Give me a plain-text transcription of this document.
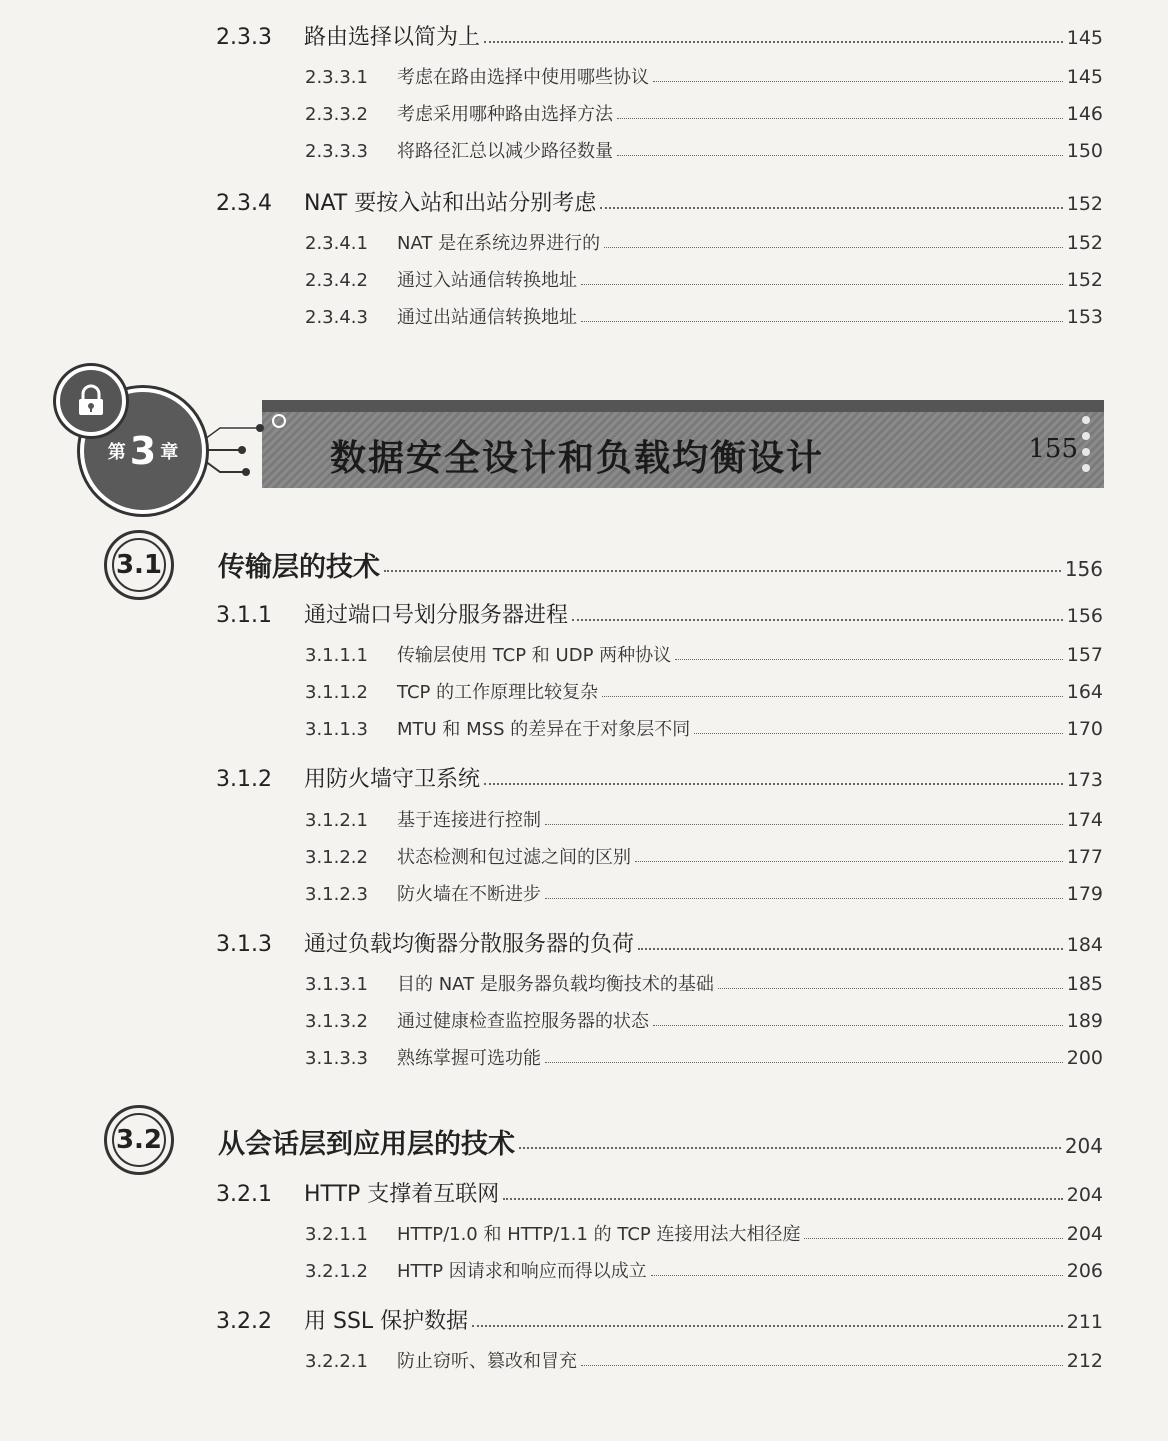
2.3.3	路由选择以简为上	145
2.3.3.1	考虑在路由选择中使用哪些协议	145
2.3.3.2	考虑采用哪种路由选择方法	146
2.3.3.3	将路径汇总以减少路径数量	150
2.3.4	NAT 要按入站和出站分别考虑	152
2.3.4.1	NAT 是在系统边界进行的	152
2.3.4.2	通过入站通信转换地址	152
2.3.4.3	通过出站通信转换地址	153
数据安全设计和负载均衡设计	155
第 3 章
3.1 传输层的技术	156
3.1.1	通过端口号划分服务器进程	156
3.1.1.1	传输层使用 TCP 和 UDP 两种协议	157
3.1.1.2	TCP 的工作原理比较复杂	164
3.1.1.3	MTU 和 MSS 的差异在于对象层不同	170
3.1.2	用防火墙守卫系统	173
3.1.2.1	基于连接进行控制	174
3.1.2.2	状态检测和包过滤之间的区别	177
3.1.2.3	防火墙在不断进步	179
3.1.3	通过负载均衡器分散服务器的负荷	184
3.1.3.1	目的 NAT 是服务器负载均衡技术的基础	185
3.1.3.2	通过健康检查监控服务器的状态	189
3.1.3.3	熟练掌握可选功能	200
3.2 从会话层到应用层的技术	204
3.2.1	HTTP 支撑着互联网	204
3.2.1.1	HTTP/1.0 和 HTTP/1.1 的 TCP 连接用法大相径庭	204
3.2.1.2	HTTP 因请求和响应而得以成立	206
3.2.2	用 SSL 保护数据	211
3.2.2.1	防止窃听、篡改和冒充	212
